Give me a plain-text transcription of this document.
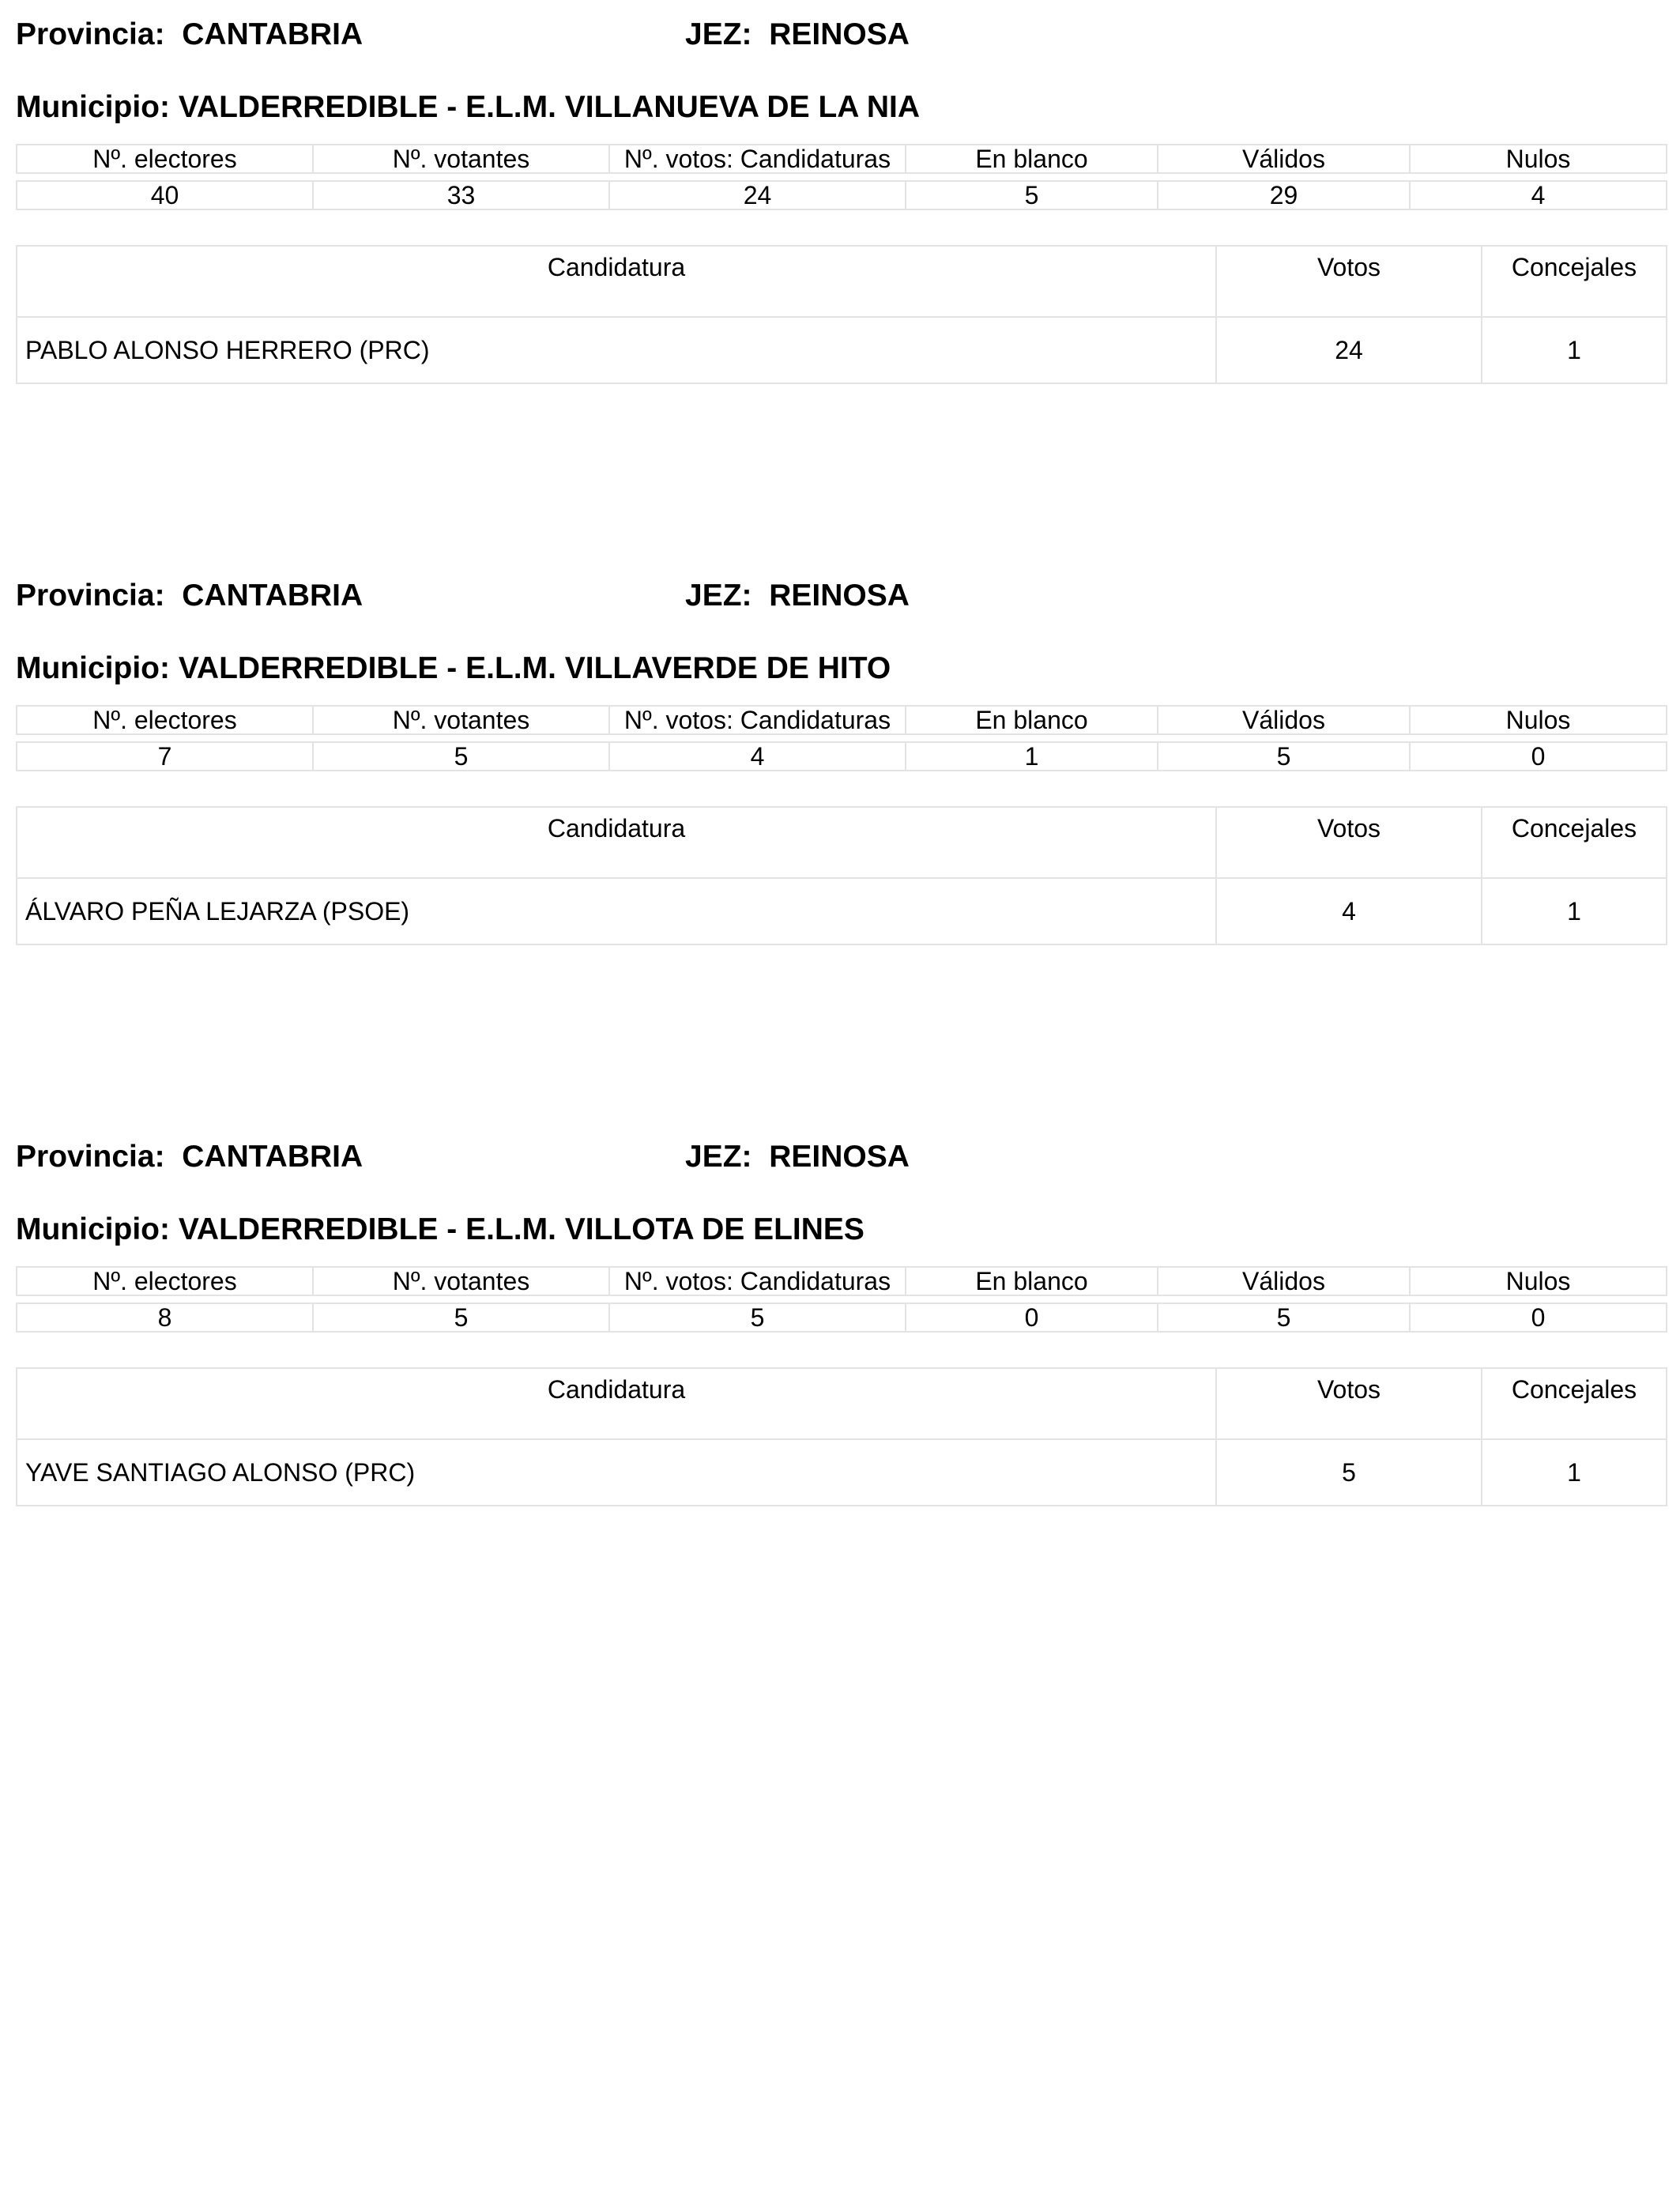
Provincia: CANTABRIA	JEZ: REINOSA
Municipio: VALDERREDIBLE - E.L.M. VILLANUEVA DE LA NIA
Nº. electores	Nº. votantes	Nº. votos: Candidaturas	En blanco	Válidos	Nulos

40	33	24	5	29	4
Candidatura	Votos	Concejales
PABLO ALONSO HERRERO (PRC)	24	1
Provincia: CANTABRIA	JEZ: REINOSA
Municipio: VALDERREDIBLE - E.L.M. VILLAVERDE DE HITO
Nº. electores	Nº. votantes	Nº. votos: Candidaturas	En blanco	Válidos	Nulos

7	5	4	1	5	0
Candidatura	Votos	Concejales
ÁLVARO PEÑA LEJARZA (PSOE)	4	1
Provincia: CANTABRIA	JEZ: REINOSA
Municipio: VALDERREDIBLE - E.L.M. VILLOTA DE ELINES
Nº. electores	Nº. votantes	Nº. votos: Candidaturas	En blanco	Válidos	Nulos

8	5	5	0	5	0
Candidatura	Votos	Concejales
YAVE SANTIAGO ALONSO (PRC)	5	1
